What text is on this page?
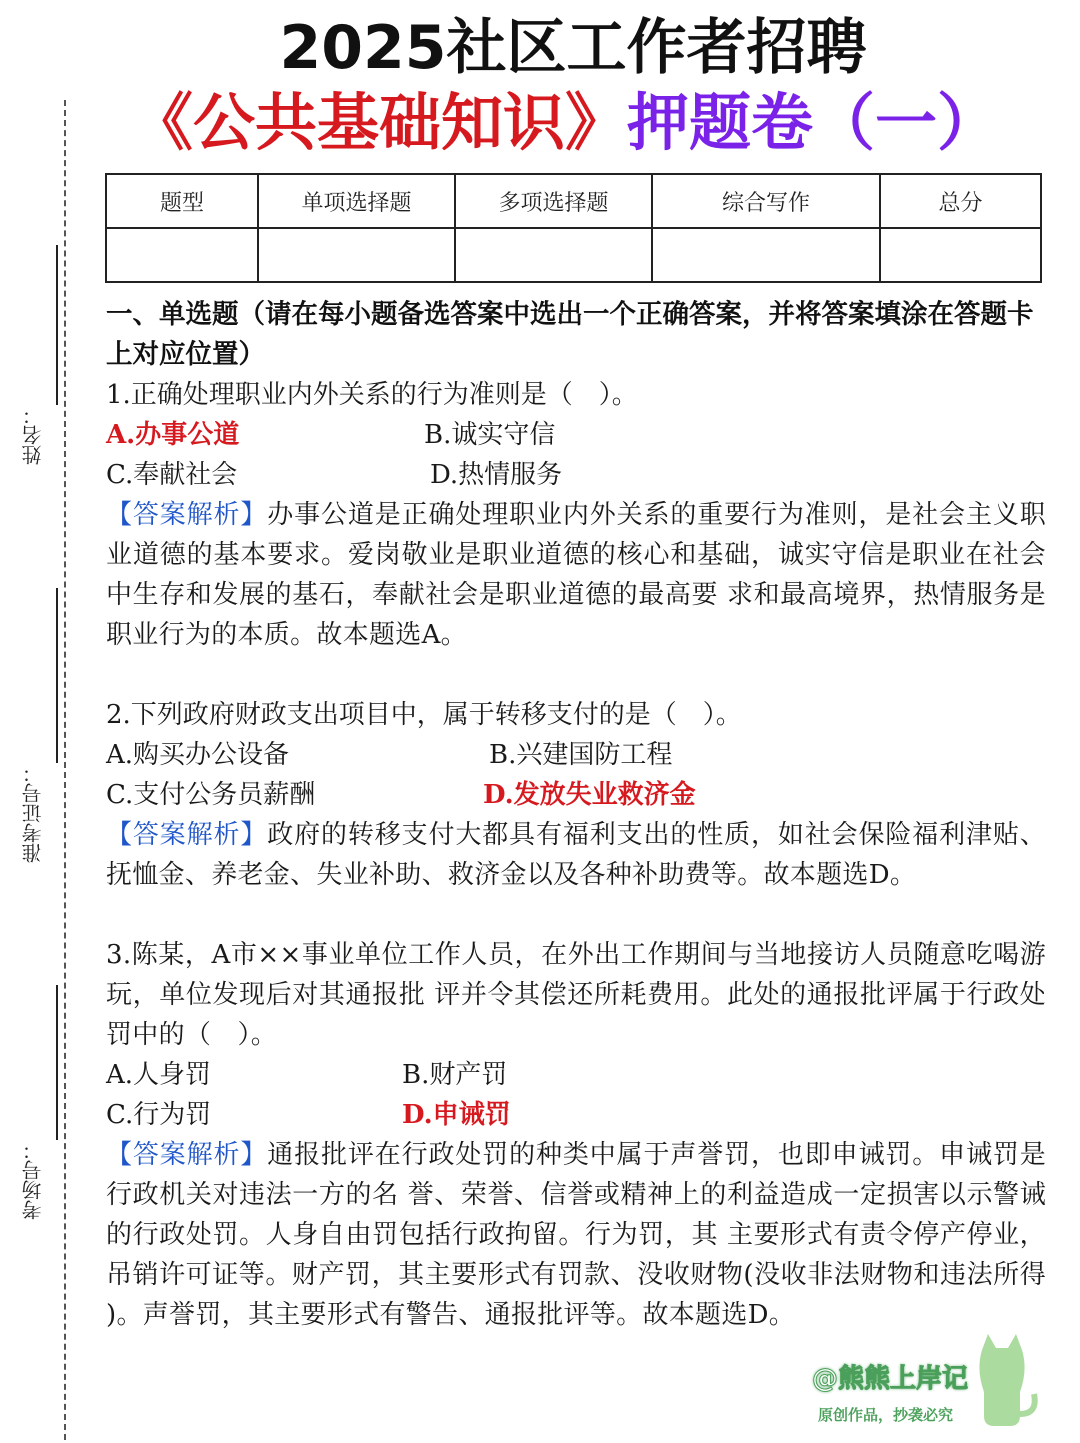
2025社区工作者招聘
《公共基础知识》押题卷（一）
题型	单项选择题	多项选择题	综合写作	总分

姓名：
准考证号：
考场号：

一、单选题（请在每小题备选答案中选出一个正确答案，并将答案填涂在答题卡上对应位置）

1.正确处理职业内外关系的行为准则是（　）。

A.办事公道	B.诚实守信
C.奉献社会	D.热情服务

【答案解析】办事公道是正确处理职业内外关系的重要行为准则，是社会主义职业道德的基本要求。爱岗敬业是职业道德的核心和基础，诚实守信是职业在社会中生存和发展的基石，奉献社会是职业道德的最高要 求和最高境界，热情服务是职业行为的本质。故本题选A。

2.下列政府财政支出项目中，属于转移支付的是（　）。

A.购买办公设备	B.兴建国防工程
C.支付公务员薪酬	D.发放失业救济金

【答案解析】政府的转移支付大都具有福利支出的性质，如社会保险福利津贴、抚恤金、养老金、失业补助、救济金以及各种补助费等。故本题选D。

3.陈某，A市××事业单位工作人员，在外出工作期间与当地接访人员随意吃喝游玩，单位发现后对其通报批 评并令其偿还所耗费用。此处的通报批评属于行政处罚中的（　）。

A.人身罚	B.财产罚
C.行为罚	D.申诫罚

【答案解析】通报批评在行政处罚的种类中属于声誉罚，也即申诫罚。申诫罚是行政机关对违法一方的名 誉、荣誉、信誉或精神上的利益造成一定损害以示警诫的行政处罚。人身自由罚包括行政拘留。行为罚，其 主要形式有责令停产停业，吊销许可证等。财产罚，其主要形式有罚款、没收财物(没收非法财物和违法所得 )。声誉罚，其主要形式有警告、通报批评等。故本题选D。

@熊熊上岸记
原创作品，抄袭必究
